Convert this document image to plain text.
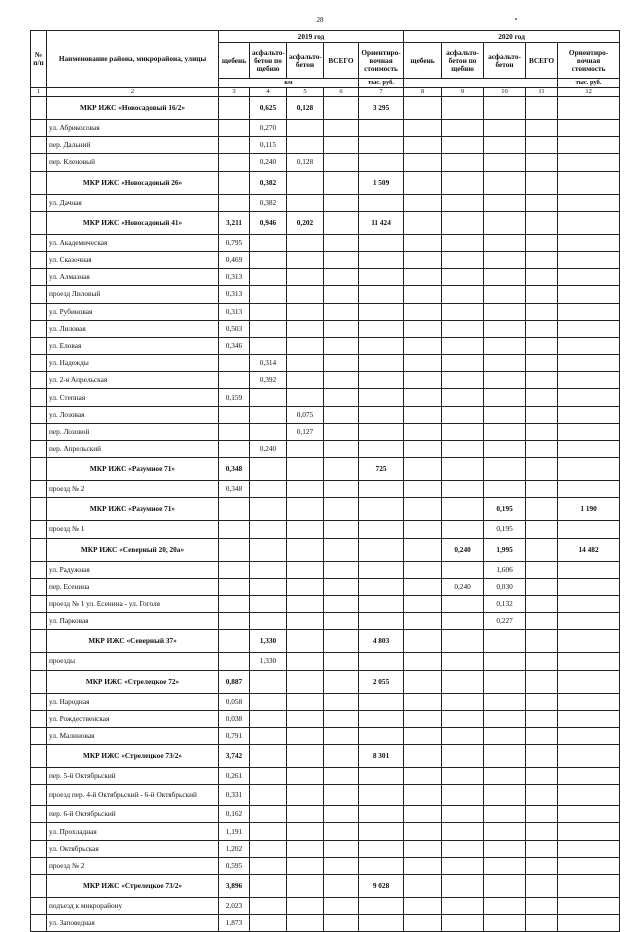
28
№ п/п	Наименование района, микрорайона, улицы	2019 год					2020 год				
		щебень	асфальто-бетон по щебню	асфальто-бетон	ВСЕГО	Ориентиро-вочная стоимость	щебень	асфальто-бетон по щебню	асфальто-бетон	ВСЕГО	Ориентиро-вочная стоимость
		км				тыс. руб.					тыс. руб.
1	2	3	4	5	6	7	8	9	10	11	12
	МКР ИЖС «Новосадовый 16/2»		0,625	0,128		3 295					
	ул. Абрикосовая		0,270								
	пер. Дальний		0,115								
	пер. Кленовый		0,240	0,128							
	МКР ИЖС «Новосадовый 26»		0,382			1 509					
	ул. Дачная		0,382								
	МКР ИЖС «Новосадовый 41»	3,211	0,946	0,202		11 424					
	ул. Академическая	0,795									
	ул. Сказочная	0,469									
	ул. Алмазная	0,313									
	проезд Лиловый	0,313									
	ул. Рубиновая	0,313									
	ул. Лиловая	0,503									
	ул. Еловая	0,346									
	ул. Надежды		0,314								
	ул. 2-я Апрельская		0,392								
	ул. Степная	0,159									
	ул. Лозовая			0,075							
	пер. Лозовой			0,127							
	пер. Апрельский		0,240								
	МКР ИЖС «Разумное 71»	0,348				725					
	проезд № 2	0,348									
	МКР ИЖС «Разумное 71»								0,195		1 190
	проезд № 1								0,195		
	МКР ИЖС «Северный 20, 20а»							0,240	1,995		14 482
	ул. Радужная								1,606		
	пер. Есенина							0,240	0,030		
	проезд № 1 ул. Есенина - ул. Гоголя								0,132		
	ул. Парковая								0,227		
	МКР ИЖС «Северный 37»		1,330			4 803					
	проезды		1,330								
	МКР ИЖС «Стрелецкое 72»	0,887				2 055					
	ул. Народная	0,058									
	ул. Рождественская	0,038									
	ул. Малиновая	0,791									
	МКР ИЖС «Стрелецкое 73/2»	3,742				8 301					
	пер. 5-й Октябрьский	0,261									
	проезд пер. 4-й Октябрьский - 6-й Октябрьский	0,331									
	пер. 6-й Октябрьский	0,162									
	ул. Прохладная	1,191									
	ул. Октябрьская	1,202									
	проезд № 2	0,595									
	МКР ИЖС «Стрелецкое 73/2»	3,896				9 028					
	подъезд к микрорайону	2,023									
	ул. Заповедная	1,873									
